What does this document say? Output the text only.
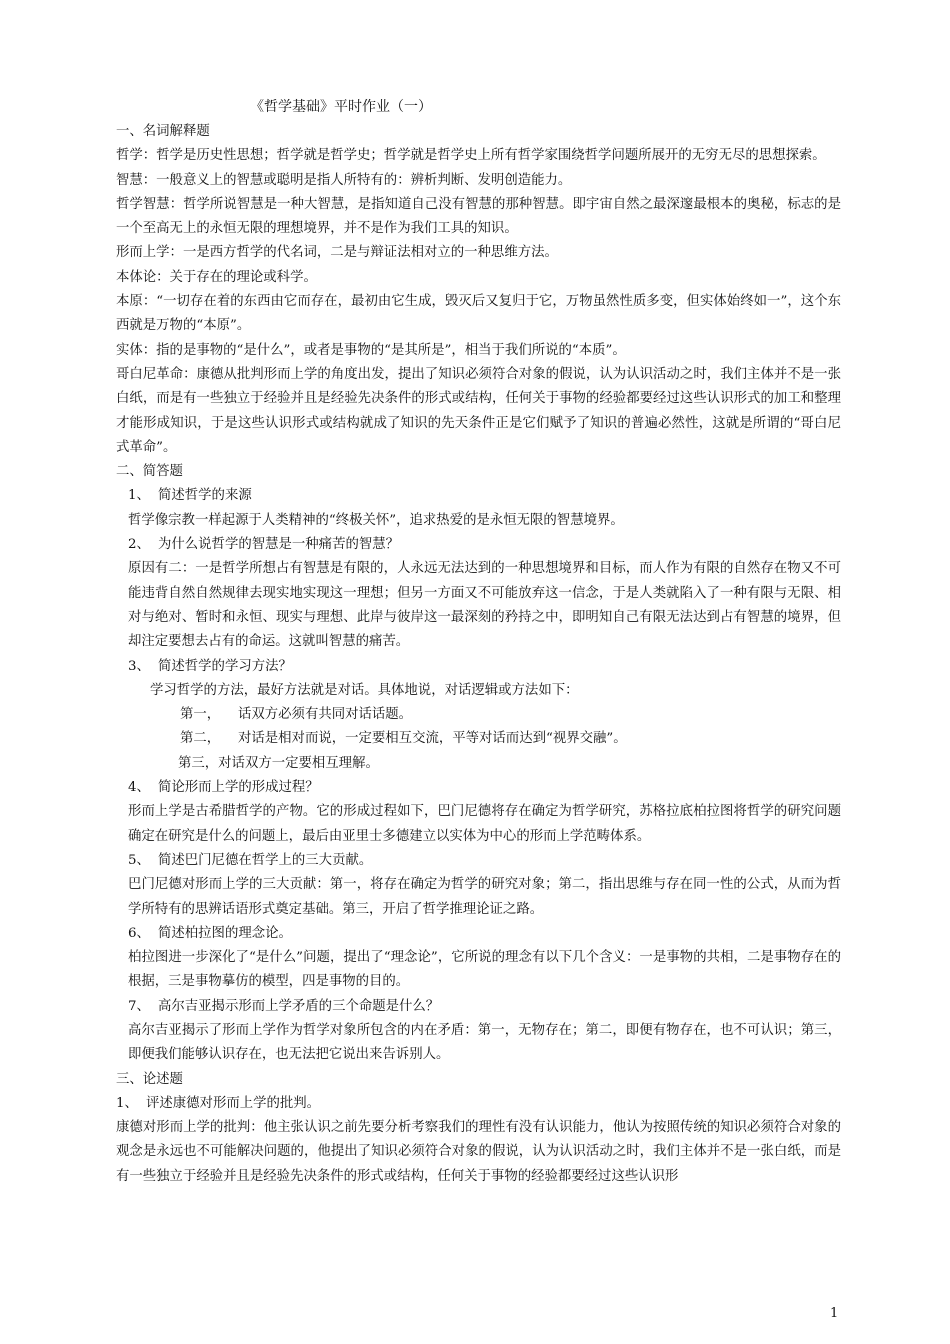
《哲学基础》平时作业（一）

一、名词解释题

哲学：哲学是历史性思想；哲学就是哲学史；哲学就是哲学史上所有哲学家围绕哲学问题所展开的无穷无尽的思想探索。

智慧：一般意义上的智慧或聪明是指人所特有的：辨析判断、发明创造能力。

哲学智慧：哲学所说智慧是一种大智慧，是指知道自己没有智慧的那种智慧。即宇宙自然之最深邃最根本的奥秘，标志的是一个至高无上的永恒无限的理想境界，并不是作为我们工具的知识。

形而上学：一是西方哲学的代名词，二是与辩证法相对立的一种思维方法。

本体论：关于存在的理论或科学。

本原：“一切存在着的东西由它而存在，最初由它生成，毁灭后又复归于它，万物虽然性质多变，但实体始终如一”，这个东西就是万物的“本原”。

实体：指的是事物的“是什么”，或者是事物的“是其所是”，相当于我们所说的“本质”。

哥白尼革命：康德从批判形而上学的角度出发，提出了知识必须符合对象的假说，认为认识活动之时，我们主体并不是一张白纸，而是有一些独立于经验并且是经验先决条件的形式或结构，任何关于事物的经验都要经过这些认识形式的加工和整理才能形成知识，于是这些认识形式或结构就成了知识的先天条件正是它们赋予了知识的普遍必然性，这就是所谓的“哥白尼式革命”。

二、简答题

1、 简述哲学的来源

哲学像宗教一样起源于人类精神的“终极关怀”，追求热爱的是永恒无限的智慧境界。

2、 为什么说哲学的智慧是一种痛苦的智慧？

原因有二：一是哲学所想占有智慧是有限的，人永远无法达到的一种思想境界和目标，而人作为有限的自然存在物又不可能违背自然自然规律去现实地实现这一理想；但另一方面又不可能放弃这一信念，于是人类就陷入了一种有限与无限、相对与绝对、暂时和永恒、现实与理想、此岸与彼岸这一最深刻的矜持之中，即明知自己有限无法达到占有智慧的境界，但却注定要想去占有的命运。这就叫智慧的痛苦。

3、 简述哲学的学习方法？

学习哲学的方法，最好方法就是对话。具体地说，对话逻辑或方法如下：

第一， 话双方必须有共同对话话题。

第二， 对话是相对而说，一定要相互交流，平等对话而达到“视界交融”。

第三，对话双方一定要相互理解。

4、 简论形而上学的形成过程？

形而上学是古希腊哲学的产物。它的形成过程如下，巴门尼德将存在确定为哲学研究，苏格拉底柏拉图将哲学的研究问题确定在研究是什么的问题上，最后由亚里士多德建立以实体为中心的形而上学范畴体系。

5、 简述巴门尼德在哲学上的三大贡献。

巴门尼德对形而上学的三大贡献：第一，将存在确定为哲学的研究对象；第二，指出思维与存在同一性的公式，从而为哲学所特有的思辨话语形式奠定基础。第三，开启了哲学推理论证之路。

6、 简述柏拉图的理念论。

柏拉图进一步深化了“是什么”问题，提出了“理念论”，它所说的理念有以下几个含义：一是事物的共相，二是事物存在的根据，三是事物摹仿的模型，四是事物的目的。

7、 高尔吉亚揭示形而上学矛盾的三个命题是什么？

高尔吉亚揭示了形而上学作为哲学对象所包含的内在矛盾：第一，无物存在；第二，即便有物存在，也不可认识；第三，即便我们能够认识存在，也无法把它说出来告诉别人。

三、论述题

1、 评述康德对形而上学的批判。

康德对形而上学的批判：他主张认识之前先要分析考察我们的理性有没有认识能力，他认为按照传统的知识必须符合对象的观念是永远也不可能解决问题的，他提出了知识必须符合对象的假说，认为认识活动之时，我们主体并不是一张白纸，而是有一些独立于经验并且是经验先决条件的形式或结构，任何关于事物的经验都要经过这些认识形

1
